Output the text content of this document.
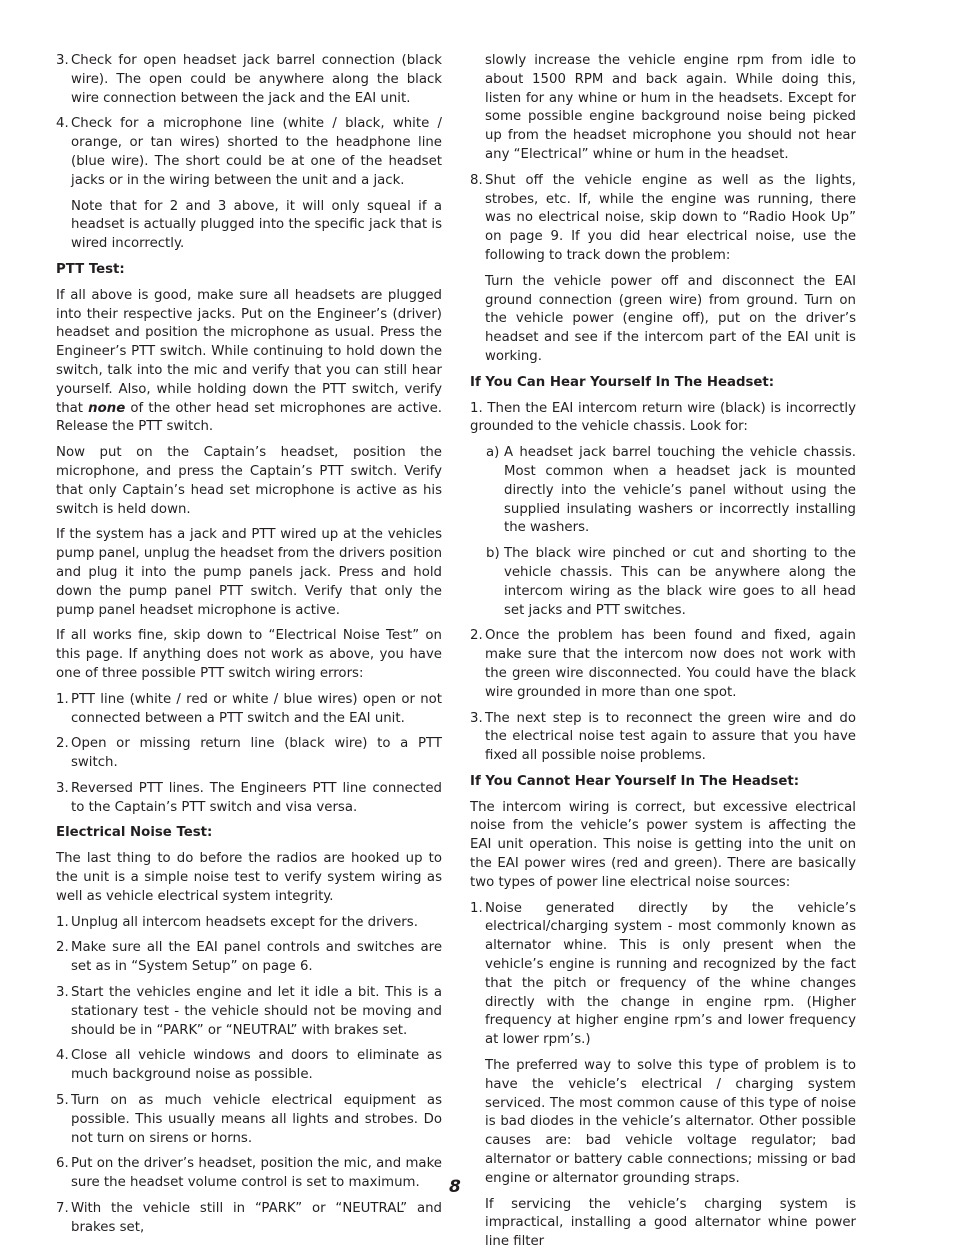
3. Check for open headset jack barrel connection (black wire). The open could be anywhere along the black wire connection between the jack and the EAI unit.
4. Check for a microphone line (white / black, white / orange, or tan wires) shorted to the headphone line (blue wire). The short could be at one of the headset jacks or in the wiring between the unit and a jack.

Note that for 2 and 3 above, it will only squeal if a headset is actually plugged into the specific jack that is wired incorrectly.

PTT Test:

If all above is good, make sure all headsets are plugged into their respective jacks. Put on the Engineer’s (driver) headset and position the microphone as usual. Press the Engineer’s PTT switch. While continuing to hold down the switch, talk into the mic and verify that you can still hear yourself. Also, while holding down the PTT switch, verify that none of the other head set microphones are active. Release the PTT switch.

Now put on the Captain’s headset, position the microphone, and press the Captain’s PTT switch. Verify that only Captain’s head set microphone is active as his switch is held down.

If the system has a jack and PTT wired up at the vehicles pump panel, unplug the headset from the drivers position and plug it into the pump panels jack. Press and hold down the pump panel PTT switch. Verify that only the pump panel headset microphone is active.

If all works fine, skip down to “Electrical Noise Test” on this page. If anything does not work as above, you have one of three possible PTT switch wiring errors:

1. PTT line (white / red or white / blue wires) open or not connected between a PTT switch and the EAI unit.
2. Open or missing return line (black wire) to a PTT switch.
3. Reversed PTT lines. The Engineers PTT line connected to the Captain’s PTT switch and visa versa.
Electrical Noise Test:

The last thing to do before the radios are hooked up to the unit is a simple noise test to verify system wiring as well as vehicle electrical system integrity.

1. Unplug all intercom headsets except for the drivers.
2. Make sure all the EAI panel controls and switches are set as in “System Setup” on page 6.
3. Start the vehicles engine and let it idle a bit. This is a stationary test - the vehicle should not be moving and should be in “PARK” or “NEUTRAL” with brakes set.
4. Close all vehicle windows and doors to eliminate as much background noise as possible.
5. Turn on as much vehicle electrical equipment as possible. This usually means all lights and strobes. Do not turn on sirens or horns.
6. Put on the driver’s headset, position the mic, and make sure the headset volume control is set to maximum.
7. With the vehicle still in “PARK” or “NEUTRAL” and brakes set,

slowly increase the vehicle engine rpm from idle to about 1500 RPM and back again. While doing this, listen for any whine or hum in the headsets. Except for some possible engine background noise being picked up from the headset microphone you should not hear any “Electrical” whine or hum in the headset.

8. Shut off the vehicle engine as well as the lights, strobes, etc. If, while the engine was running, there was no electrical noise, skip down to “Radio Hook Up” on page 9. If you did hear electrical noise, use the following to track down the problem:

Turn the vehicle power off and disconnect the EAI ground connection (green wire) from ground. Turn on the vehicle power (engine off), put on the driver’s headset and see if the intercom part of the EAI unit is working.

If You Can Hear Yourself In The Headset:

1. Then the EAI intercom return wire (black) is incorrectly grounded to the vehicle chassis. Look for:

a) A headset jack barrel touching the vehicle chassis. Most common when a headset jack is mounted directly into the vehicle’s panel without using the supplied insulating washers or incorrectly installing the washers.
b) The black wire pinched or cut and shorting to the vehicle chassis. This can be anywhere along the intercom wiring as the black wire goes to all head set jacks and PTT switches.
2. Once the problem has been found and fixed, again make sure that the intercom now does not work with the green wire disconnected. You could have the black wire grounded in more than one spot.
3. The next step is to reconnect the green wire and do the electrical noise test again to assure that you have fixed all possible noise problems.
If You Cannot Hear Yourself In The Headset:

The intercom wiring is correct, but excessive electrical noise from the vehicle’s power system is affecting the EAI unit operation. This noise is getting into the unit on the EAI power wires (red and green). There are basically two types of power line electrical noise sources:

1. Noise generated directly by the vehicle’s electrical/charging system - most commonly known as alternator whine. This is only present when the vehicle’s engine is running and recognized by the fact that the pitch or frequency of the whine changes directly with the change in engine rpm. (Higher frequency at higher engine rpm’s and lower frequency at lower rpm’s.)

The preferred way to solve this type of problem is to have the vehicle’s electrical / charging system serviced. The most common cause of this type of noise is bad diodes in the vehicle’s alternator. Other possible causes are: bad vehicle voltage regulator; bad alternator or battery cable connections; missing or bad engine or alternator grounding straps.

If servicing the vehicle’s charging system is impractical, installing a good alternator whine power line filter

8
